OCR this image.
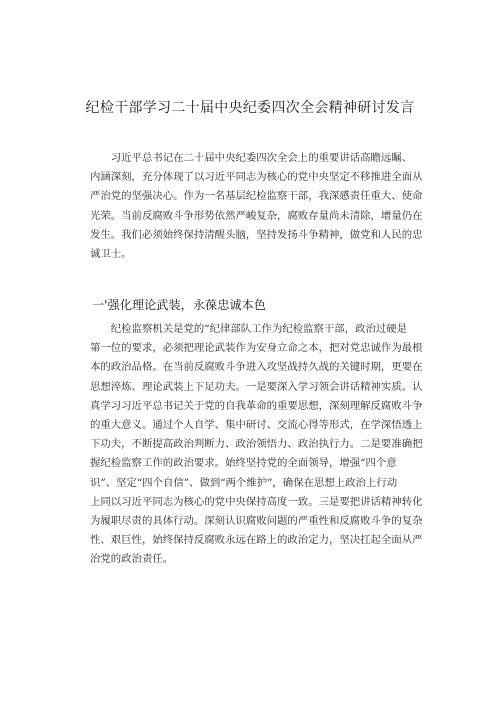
纪检干部学习二十届中央纪委四次全会精神研讨发言
　　习近平总书记在二十届中央纪委四次全会上的重要讲话高瞻远瞩、
内涵深刻，充分体现了以习近平同志为核心的党中央坚定不移推进全面从
严治党的坚强决心。作为一名基层纪检监察干部，我深感责任重大、使命
光荣。当前反腐败斗争形势依然严峻复杂，腐败存量尚未清除，增量仍在
发生。我们必须始终保持清醒头脑，坚持发扬斗争精神，做党和人民的忠
诚卫士。
一'强化理论武装，永葆忠诚本色
　　纪检监察机关是党的“纪律部队工作为纪检监察干部，政治过硬是
第一位的要求，必须把理论武装作为安身立命之本，把对党忠诚作为最根
本的政治品格。在当前反腐败斗争进入攻坚战持久战的关键时期，更要在
思想淬炼、理论武装上下足功夫。一是要深入学习领会讲话精神实质。认
真学习习近平总书记关于党的自我革命的重要思想，深刻理解反腐败斗争
的重大意义。通过个人自学、集中研讨、交流心得等形式，在学深悟透上
下功夫，不断提高政治判断力、政治领悟力、政治执行力。二是要准确把
握纪检监察工作的政治要求。始终坚持党的全面领导，增强“四个意
识”、坚定“四个自信”、做到“两个维护”，确保在思想上政治上行动
上同以习近平同志为核心的党中央保持高度一致。三是要把讲话精神转化
为履职尽责的具体行动。深刻认识腐败问题的严重性和反腐败斗争的复杂
性、艰巨性，始终保持反腐败永远在路上的政治定力，坚决扛起全面从严
治党的政治责任。
